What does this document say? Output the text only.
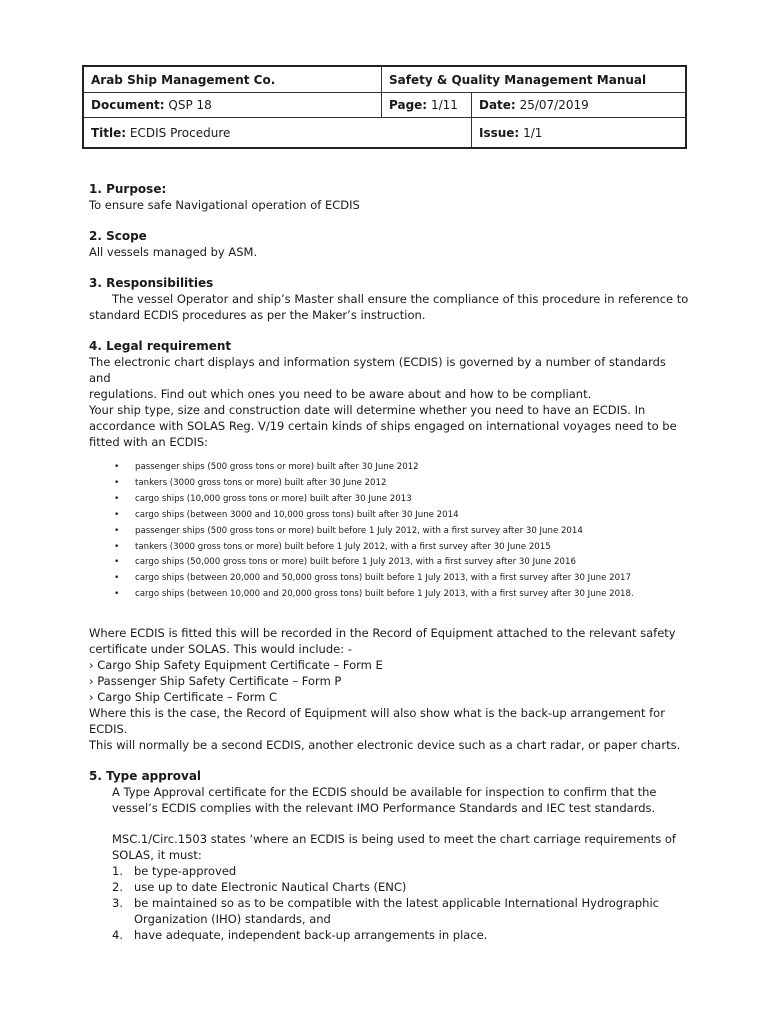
Arab Ship Management Co.	Safety & Quality Management Manual	
Document: QSP 18	Page: 1/11	Date: 25/07/2019
Title: ECDIS Procedure		Issue: 1/1
1. Purpose:

To ensure safe Navigational operation of ECDIS

2. Scope

All vessels managed by ASM.

3. Responsibilities

The vessel Operator and ship’s Master shall ensure the compliance of this procedure in reference to

standard ECDIS procedures as per the Maker’s instruction.

4. Legal requirement

The electronic chart displays and information system (ECDIS) is governed by a number of standards and

regulations. Find out which ones you need to be aware about and how to be compliant.

Your ship type, size and construction date will determine whether you need to have an ECDIS. In

accordance with SOLAS Reg. V/19 certain kinds of ships engaged on international voyages need to be

fitted with an ECDIS:

• passenger ships (500 gross tons or more) built after 30 June 2012
• tankers (3000 gross tons or more) built after 30 June 2012
• cargo ships (10,000 gross tons or more) built after 30 June 2013
• cargo ships (between 3000 and 10,000 gross tons) built after 30 June 2014
• passenger ships (500 gross tons or more) built before 1 July 2012, with a first survey after 30 June 2014
• tankers (3000 gross tons or more) built before 1 July 2012, with a first survey after 30 June 2015
• cargo ships (50,000 gross tons or more) built before 1 July 2013, with a first survey after 30 June 2016
• cargo ships (between 20,000 and 50,000 gross tons) built before 1 July 2013, with a first survey after 30 June 2017
• cargo ships (between 10,000 and 20,000 gross tons) built before 1 July 2013, with a first survey after 30 June 2018.

Where ECDIS is fitted this will be recorded in the Record of Equipment attached to the relevant safety

certificate under SOLAS. This would include: -

› Cargo Ship Safety Equipment Certificate – Form E

› Passenger Ship Safety Certificate – Form P

› Cargo Ship Certificate – Form C

Where this is the case, the Record of Equipment will also show what is the back-up arrangement for

ECDIS.

This will normally be a second ECDIS, another electronic device such as a chart radar, or paper charts.

5. Type approval

A Type Approval certificate for the ECDIS should be available for inspection to confirm that the

vessel’s ECDIS complies with the relevant IMO Performance Standards and IEC test standards.

MSC.1/Circ.1503 states ‘where an ECDIS is being used to meet the chart carriage requirements of

SOLAS, it must:

1. be type-approved
2. use up to date Electronic Nautical Charts (ENC)
3. be maintained so as to be compatible with the latest applicable International Hydrographic
Organization (IHO) standards, and
4. have adequate, independent back-up arrangements in place.
